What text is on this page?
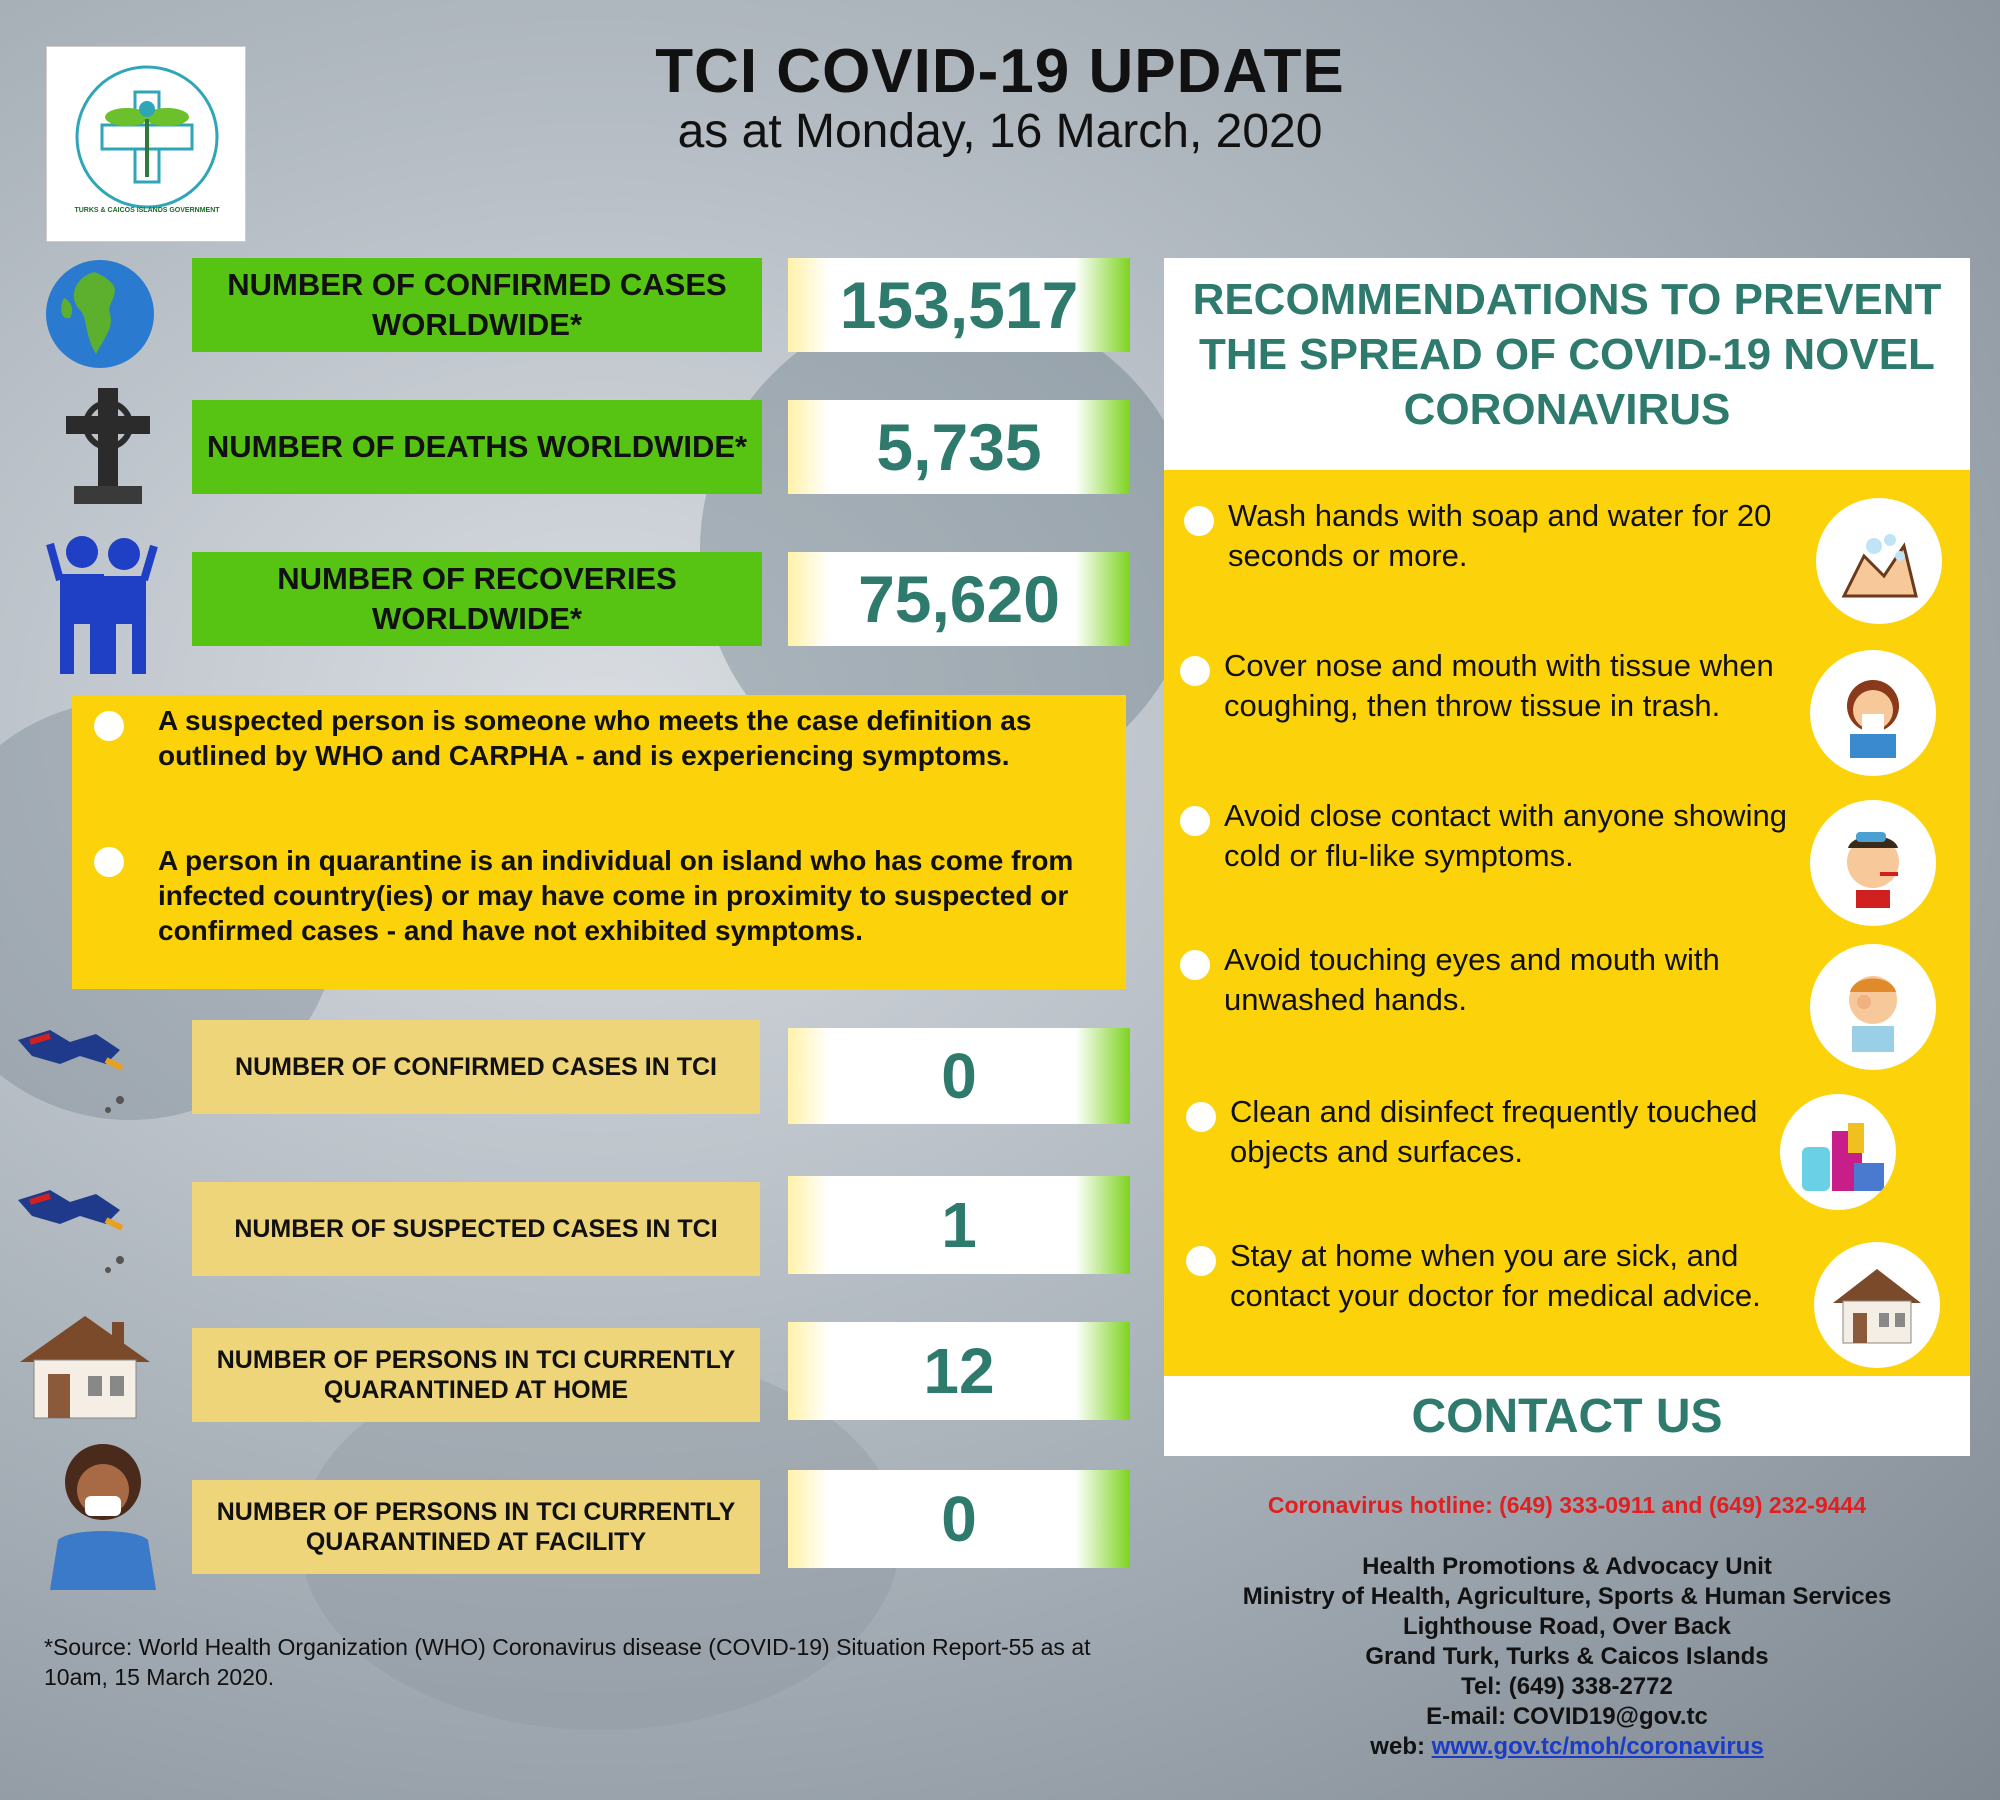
TURKS & CAICOS ISLANDS GOVERNMENT
TCI COVID-19 UPDATE
as at Monday, 16 March, 2020
NUMBER OF CONFIRMED CASES WORLDWIDE*	153,517
NUMBER OF DEATHS WORLDWIDE*	5,735
NUMBER OF RECOVERIES WORLDWIDE*	75,620
A suspected person is someone who meets the case definition as outlined by WHO and CARPHA - and is experiencing symptoms.
A person in quarantine is an individual on island who has come from infected country(ies) or may have come in proximity to suspected or confirmed cases - and have not exhibited symptoms.
NUMBER OF CONFIRMED CASES IN TCI	0
NUMBER OF SUSPECTED CASES IN TCI	1
NUMBER OF PERSONS IN TCI CURRENTLY QUARANTINED AT HOME	12
NUMBER OF PERSONS IN TCI CURRENTLY QUARANTINED AT FACILITY	0
*Source: World Health Organization (WHO) Coronavirus disease (COVID-19) Situation Report-55 as at 10am, 15 March 2020.
RECOMMENDATIONS TO PREVENT THE SPREAD OF COVID-19 NOVEL CORONAVIRUS
Wash hands with soap and water for 20 seconds or more.
Cover nose and mouth with tissue when coughing, then throw tissue in trash.
Avoid close contact with anyone showing cold or flu-like symptoms.
Avoid touching eyes and mouth with unwashed hands.
Clean and disinfect frequently touched objects and surfaces.
Stay at home when you are sick, and contact your doctor for medical advice.
CONTACT US
Coronavirus hotline: (649) 333-0911 and (649) 232-9444
Health Promotions & Advocacy Unit
Ministry of Health, Agriculture, Sports & Human Services
Lighthouse Road, Over Back
Grand Turk, Turks & Caicos Islands
Tel: (649) 338-2772
E-mail: COVID19@gov.tc
web: www.gov.tc/moh/coronavirus
